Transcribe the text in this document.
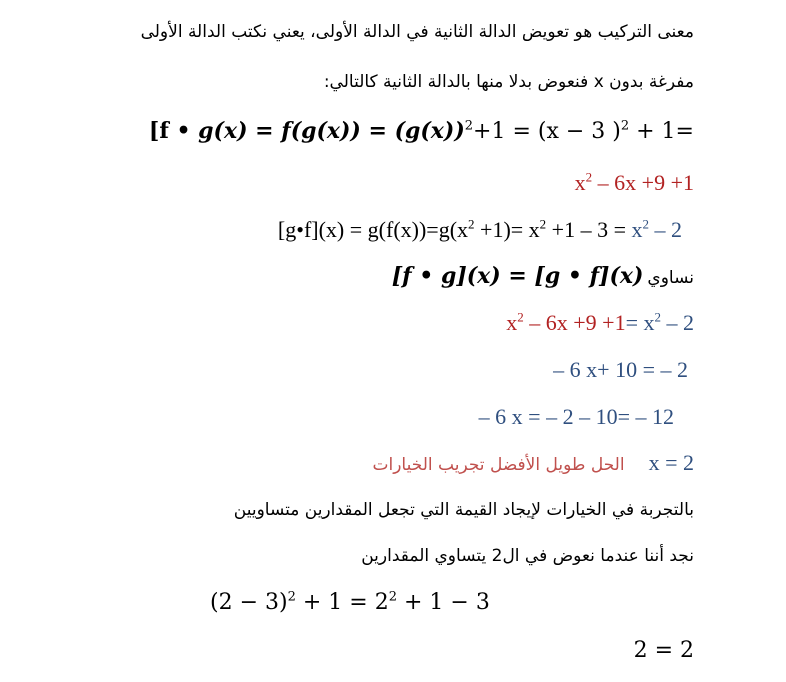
معنى التركيب هو تعويض الدالة الثانية في الدالة الأولى، يعني نكتب الدالة الأولى
مفرغة بدون x فنعوض بدلا منها بالدالة الثانية كالتالي:
[f • $g(x) = f(g(x)) = (g(x))^2+1 = (x - 3$ )$^2$ + 1=
$x^2 - 6x +9 +1$
[g•f](x) = $g(f(x))=g(x^2 +1)= x^2 +1 - 3 = x^2 - 2$
نساوي [f • g](x) = [g • f](x)
$x^2 - 6x +9 +1= x^2 - 2$
– 6 x+ 10 = – 2
– 6 x = – 2 – 10= – 12
x = 2 الحل طويل الأفضل تجريب الخيارات
بالتجربة في الخيارات لإيجاد القيمة التي تجعل المقدارين متساويين
نجد أننا عندما نعوض في ال2 يتساوي المقدارين
$(2 - 3)^2 + 1 = 2^2 + 1 - 3$
2 = 2
